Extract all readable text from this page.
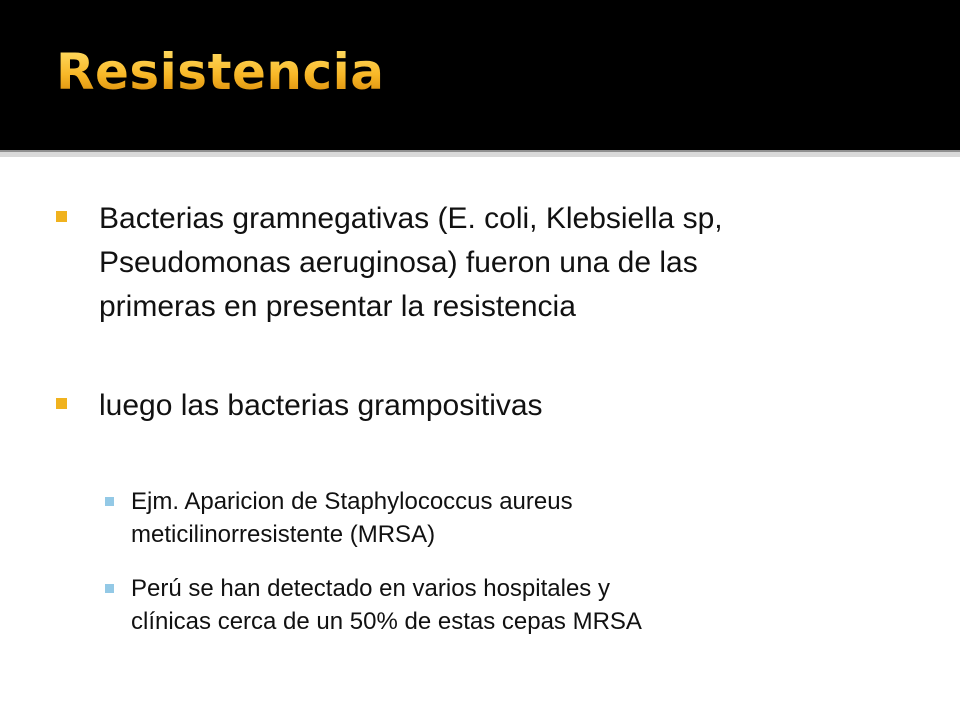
Resistencia
Bacterias gramnegativas (E. coli, Klebsiella sp,
Pseudomonas aeruginosa) fueron una de las
primeras en presentar la resistencia
luego las bacterias grampositivas
Ejm. Aparicion de Staphylococcus aureus
meticilinorresistente (MRSA)
Perú se han detectado en varios hospitales y
clínicas cerca de un 50% de estas cepas MRSA
